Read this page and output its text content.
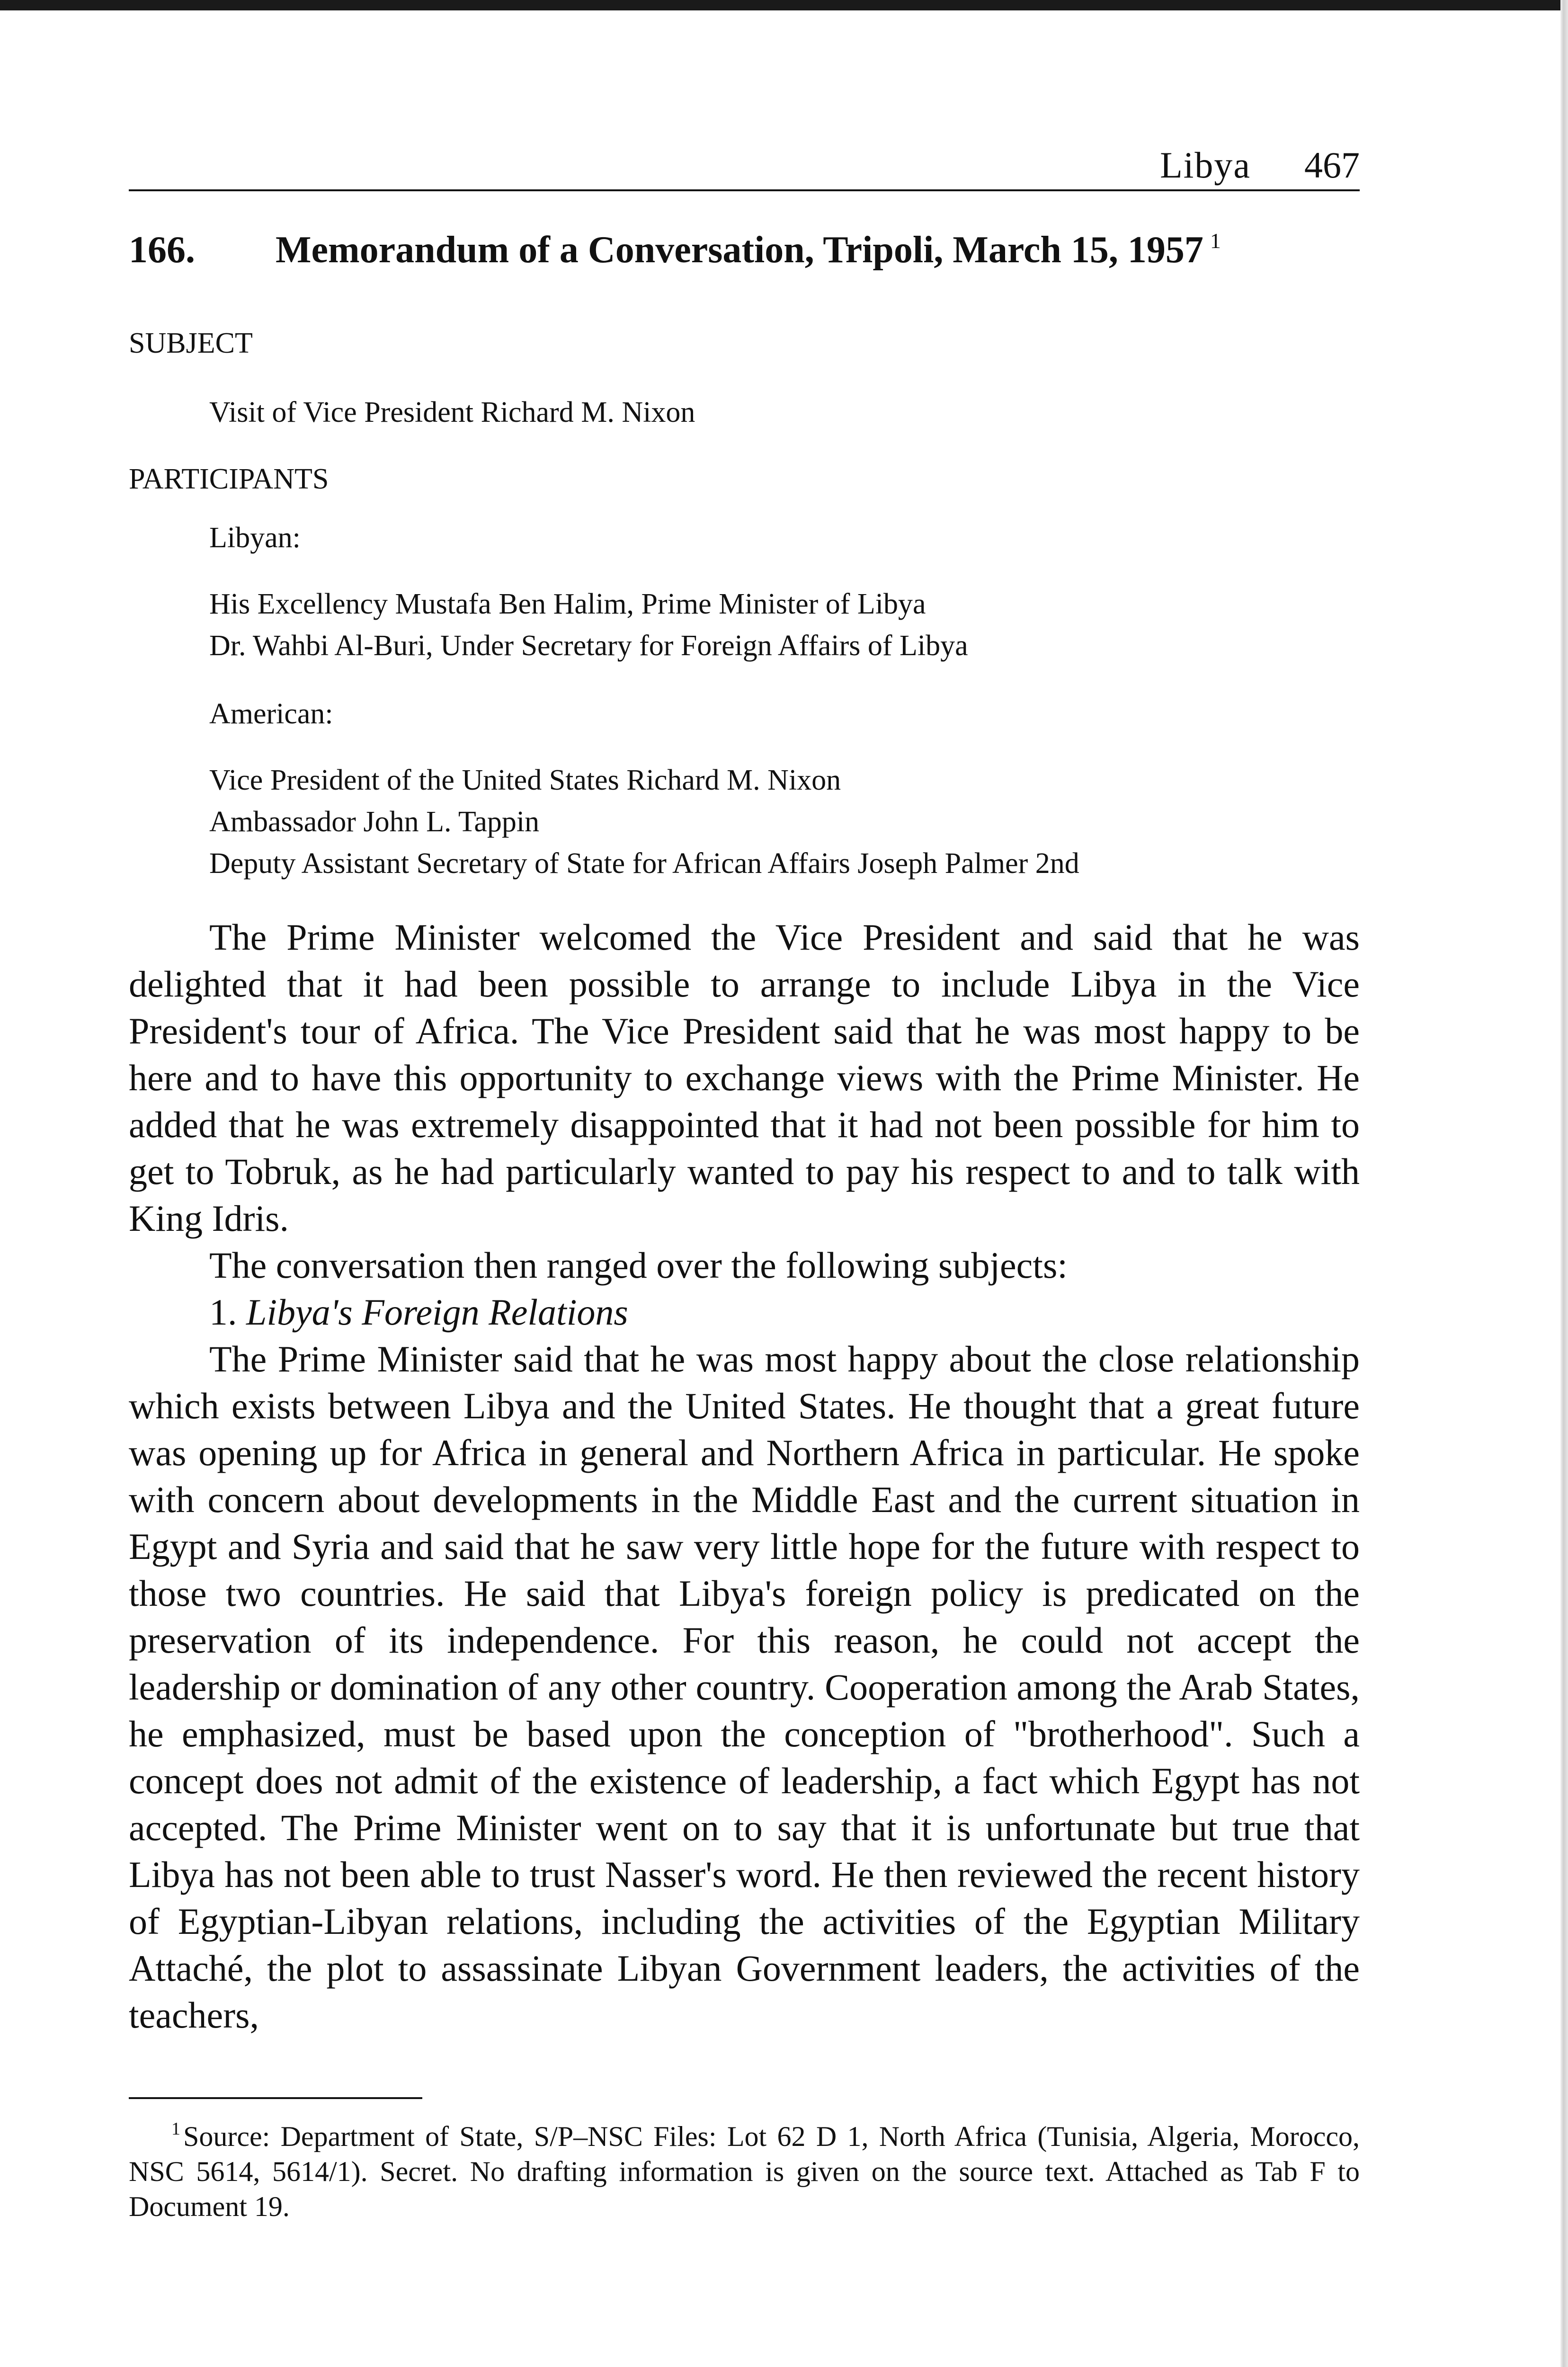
Libya 467
166. Memorandum of a Conversation, Tripoli, March 15, 1957 $^1$
SUBJECT
Visit of Vice President Richard M. Nixon
PARTICIPANTS
Libyan:
His Excellency Mustafa Ben Halim, Prime Minister of Libya
Dr. Wahbi Al-Buri, Under Secretary for Foreign Affairs of Libya
American:
Vice President of the United States Richard M. Nixon
Ambassador John L. Tappin
Deputy Assistant Secretary of State for African Affairs Joseph Palmer 2nd

The Prime Minister welcomed the Vice President and said that he was delighted that it had been possible to arrange to include Libya in the Vice President's tour of Africa. The Vice President said that he was most happy to be here and to have this opportunity to exchange views with the Prime Minister. He added that he was extremely disappointed that it had not been possible for him to get to Tobruk, as he had particularly wanted to pay his respect to and to talk with King Idris.

The conversation then ranged over the following subjects:

1. Libya's Foreign Relations

The Prime Minister said that he was most happy about the close relationship which exists between Libya and the United States. He thought that a great future was opening up for Africa in general and Northern Africa in particular. He spoke with concern about developments in the Middle East and the current situation in Egypt and Syria and said that he saw very little hope for the future with respect to those two countries. He said that Libya's foreign policy is predicated on the preservation of its independence. For this reason, he could not accept the leadership or domination of any other country. Cooperation among the Arab States, he emphasized, must be based upon the conception of "brotherhood". Such a concept does not admit of the existence of leadership, a fact which Egypt has not accepted. The Prime Minister went on to say that it is unfortunate but true that Libya has not been able to trust Nasser's word. He then reviewed the recent history of Egyptian-Libyan relations, including the activities of the Egyptian Military Attaché, the plot to assassinate Libyan Government leaders, the activities of the teachers,

$^1$ Source: Department of State, S/P–NSC Files: Lot 62 D 1, North Africa (Tunisia, Algeria, Morocco, NSC 5614, 5614/1). Secret. No drafting information is given on the source text. Attached as Tab F to Document 19.
